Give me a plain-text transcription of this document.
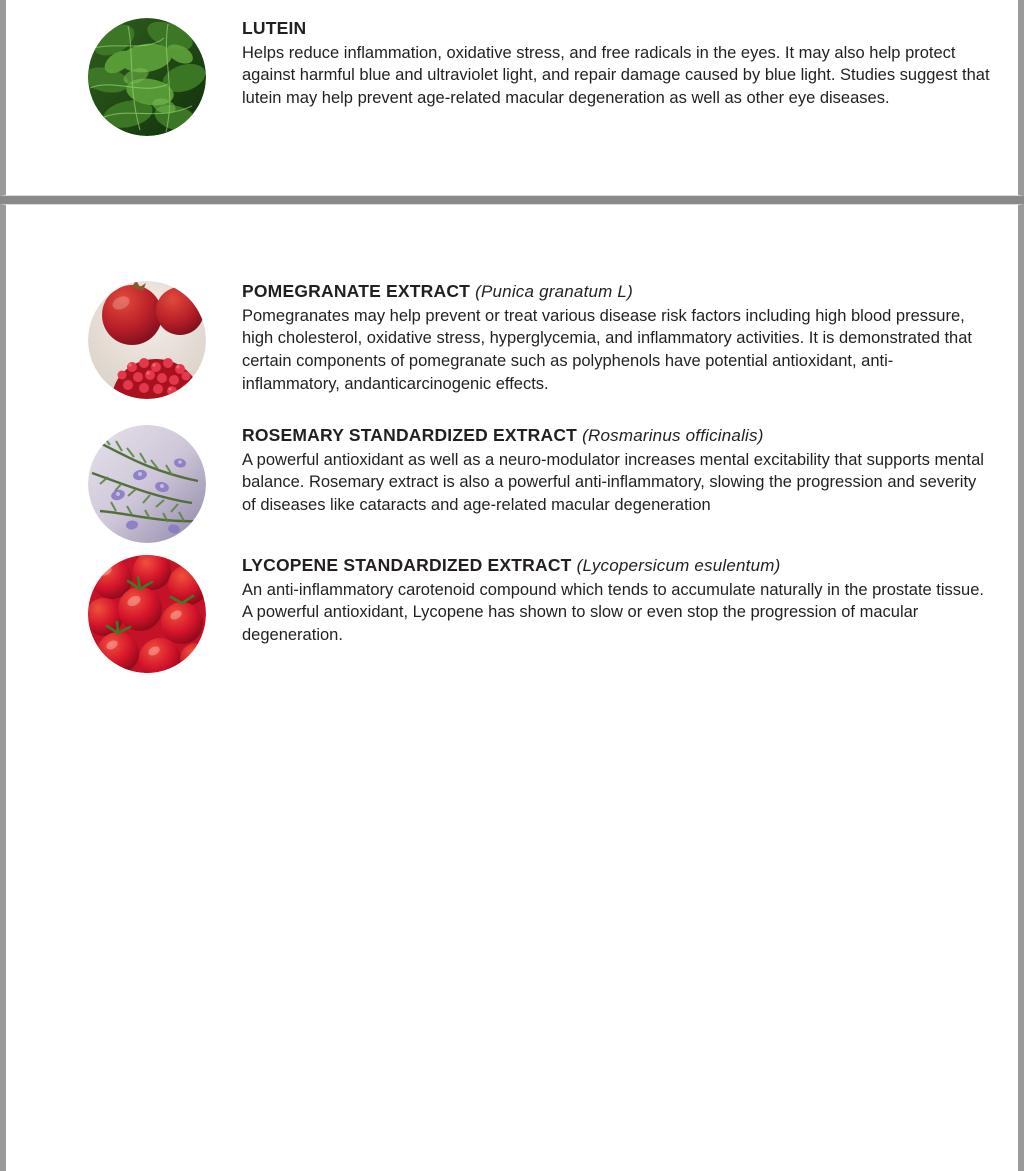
LUTEIN

Helps reduce inflammation, oxidative stress, and free radicals in the eyes. It may also help protect against harmful blue and ultraviolet light, and repair damage caused by blue light. Studies suggest that lutein may help prevent age-related macular degeneration as well as other eye diseases.

POMEGRANATE EXTRACT (Punica granatum L)

Pomegranates may help prevent or treat various disease risk factors including high blood pressure, high cholesterol, oxidative stress, hyperglycemia, and inflammatory activities. It is demonstrated that certain components of pomegranate such as polyphenols have potential antioxidant, anti-inflammatory, andanticarcinogenic effects.

ROSEMARY STANDARDIZED EXTRACT (Rosmarinus officinalis)

A powerful antioxidant as well as a neuro-modulator increases mental excitability that supports mental balance. Rosemary extract is also a powerful anti-inflammatory, slowing the progression and severity of diseases like cataracts and age-related macular degeneration

LYCOPENE STANDARDIZED EXTRACT (Lycopersicum esulentum)

An anti-inflammatory carotenoid compound which tends to accumulate naturally in the prostate tissue. A powerful antioxidant, Lycopene has shown to slow or even stop the progression of macular degeneration.
